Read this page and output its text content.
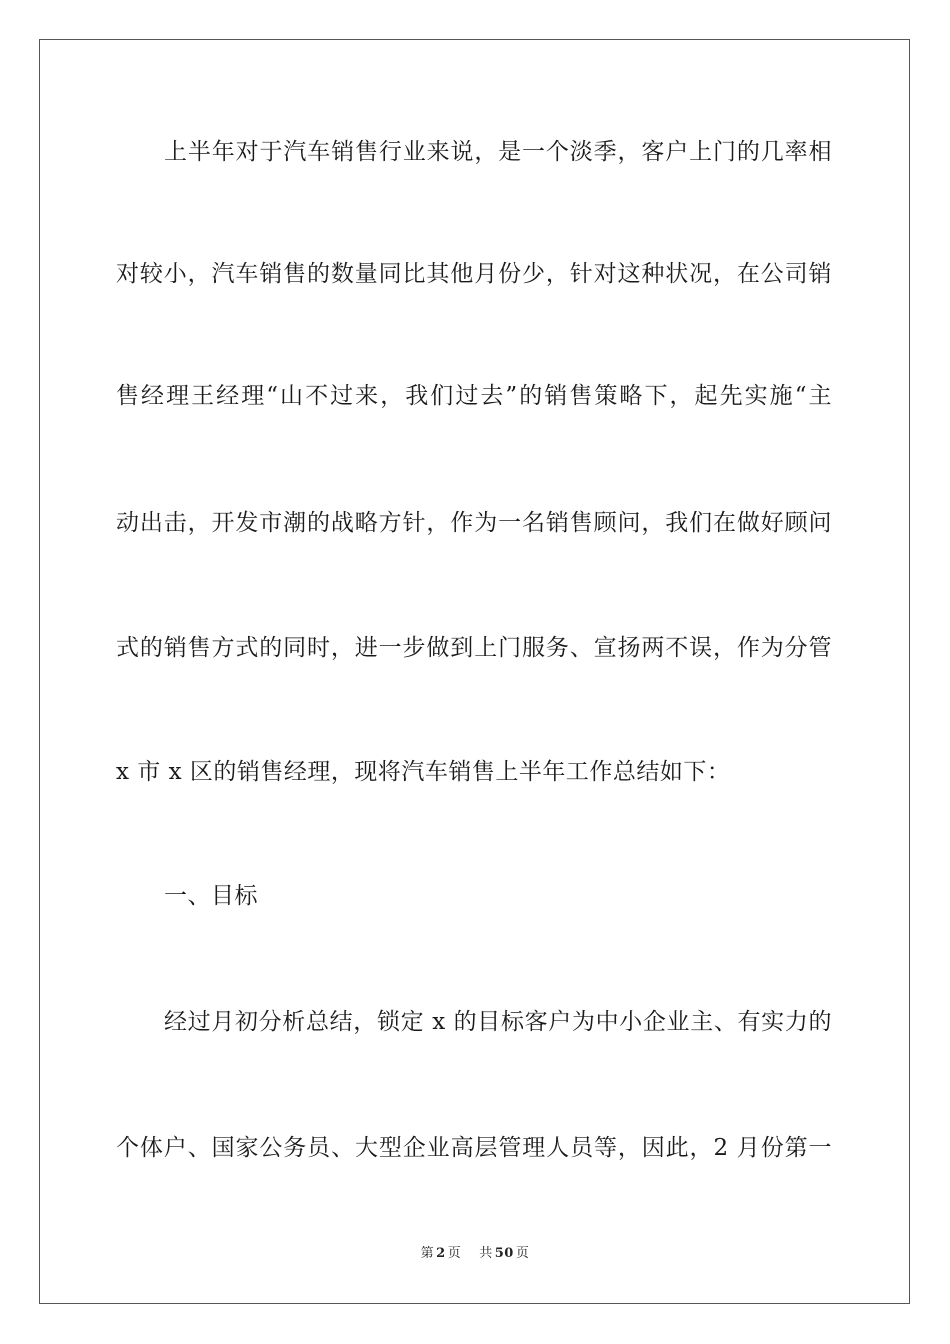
上半年对于汽车销售行业来说，是一个淡季，客户上门的几率相
对较小，汽车销售的数量同比其他月份少，针对这种状况，在公司销
售经理王经理“山不过来，我们过去”的销售策略下，起先实施“主
动出击，开发市潮的战略方针，作为一名销售顾问，我们在做好顾问
式的销售方式的同时，进一步做到上门服务、宣扬两不误，作为分管
x 市 x 区的销售经理，现将汽车销售上半年工作总结如下：
一、目标
经过月初分析总结，锁定 x 的目标客户为中小企业主、有实力的
个体户、国家公务员、大型企业高层管理人员等，因此，2 月份第一
第 2 页 共 50 页
